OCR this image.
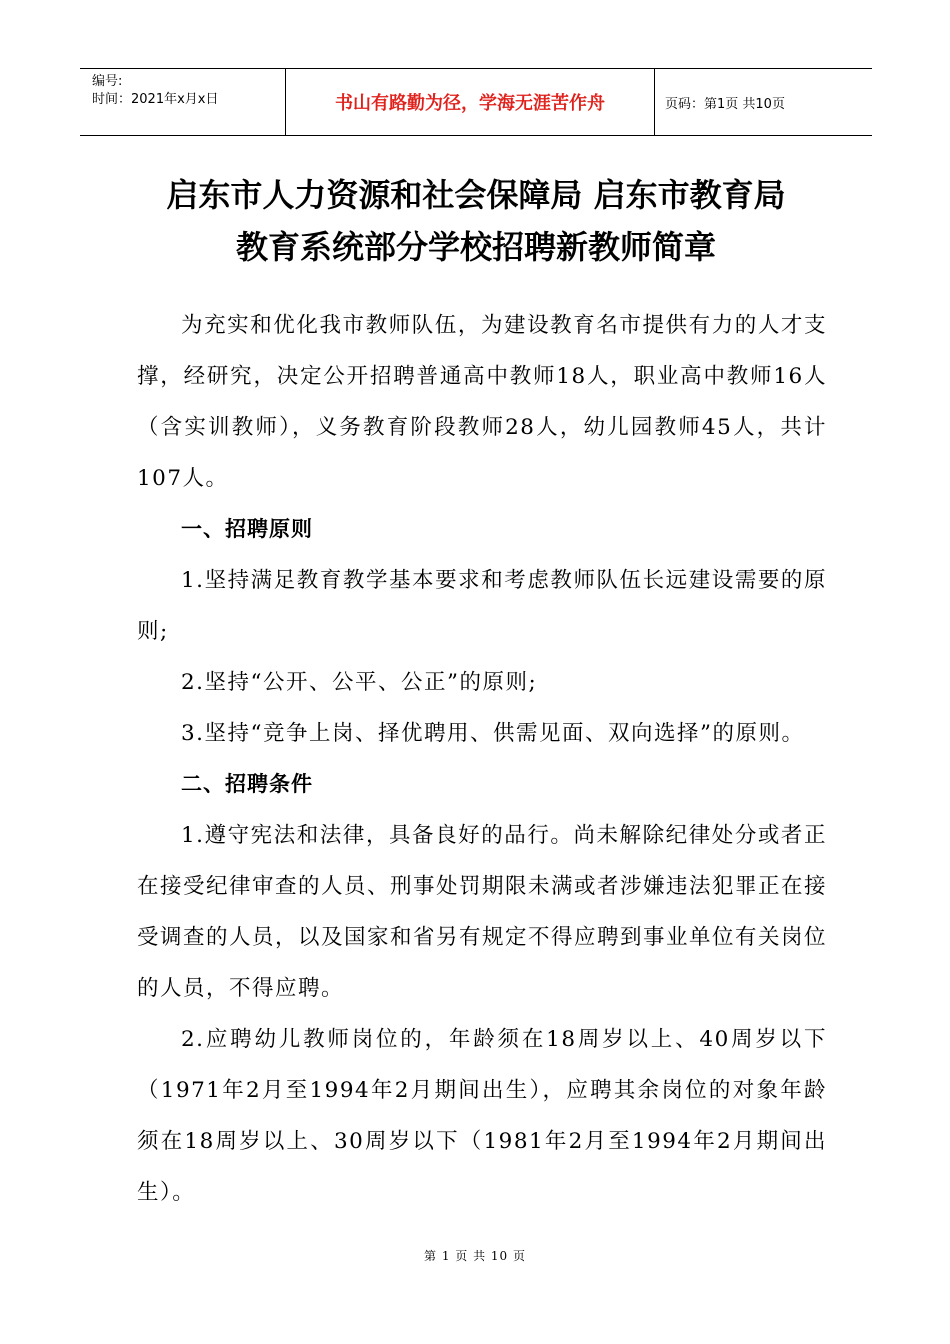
编号:
时间：2021年x月x日	书山有路勤为径，学海无涯苦作舟	页码：第1页 共10页
启东市人力资源和社会保障局 启东市教育局
教育系统部分学校招聘新教师简章

为充实和优化我市教师队伍，为建设教育名市提供有力的人才支撑，经研究，决定公开招聘普通高中教师18人，职业高中教师16人（含实训教师），义务教育阶段教师28人，幼儿园教师45人，共计107人。

一、招聘原则

1.坚持满足教育教学基本要求和考虑教师队伍长远建设需要的原则;

2.坚持“公开、公平、公正”的原则;

3.坚持“竞争上岗、择优聘用、供需见面、双向选择”的原则。

二、招聘条件

1.遵守宪法和法律，具备良好的品行。尚未解除纪律处分或者正在接受纪律审查的人员、刑事处罚期限未满或者涉嫌违法犯罪正在接受调查的人员，以及国家和省另有规定不得应聘到事业单位有关岗位的人员，不得应聘。

2.应聘幼儿教师岗位的，年龄须在18周岁以上、40周岁以下（1971年2月至1994年2月期间出生），应聘其余岗位的对象年龄须在18周岁以上、30周岁以下（1981年2月至1994年2月期间出生）。

第 1 页 共 10 页
